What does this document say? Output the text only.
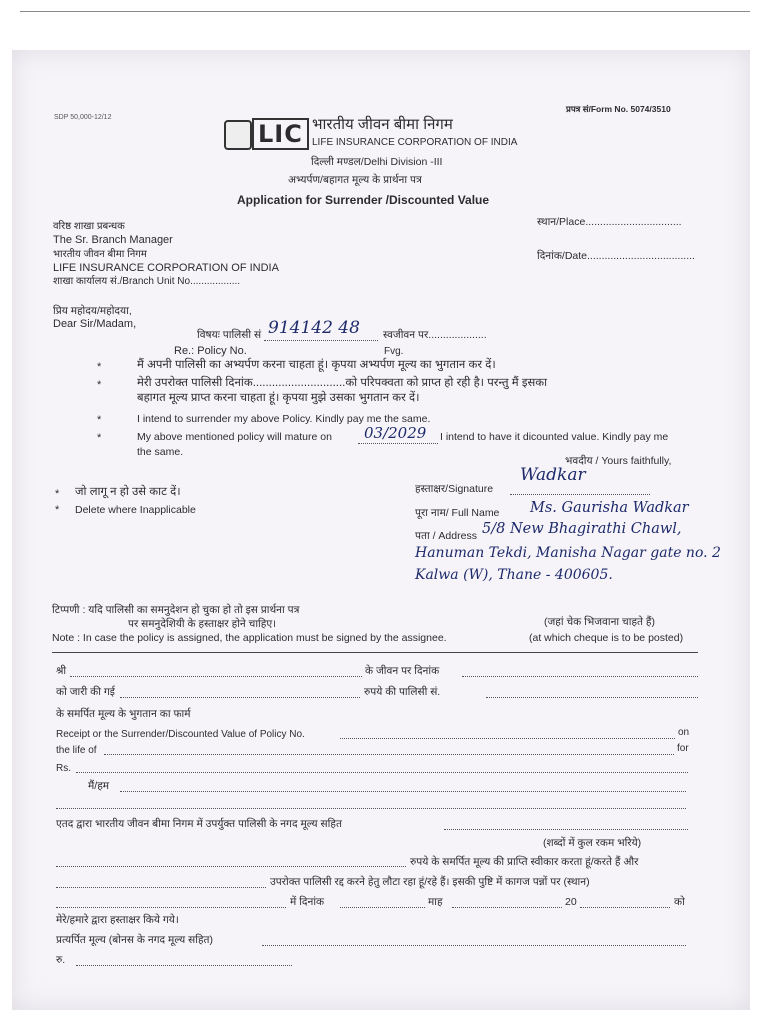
SDP 50,000-12/12
प्रपत्र सं/Form No. 5074/3510
LIC भारतीय जीवन बीमा निगम
LIFE INSURANCE CORPORATION OF INDIA
दिल्ली मण्डल/Delhi Division -III
अभ्यर्पण/बहागत मूल्य के प्रार्थना पत्र
Application for Surrender /Discounted Value
वरिष्ठ शाखा प्रबन्धक
The Sr. Branch Manager
भारतीय जीवन बीमा निगम
LIFE INSURANCE CORPORATION OF INDIA
शाखा कार्यालय सं./Branch Unit No..................
स्थान/Place.................................
दिनांक/Date.....................................
प्रिय महोदय/महोदया,
Dear Sir/Madam,
विषयः पालिसी सं 914142 48 स्वजीवन पर....................
Re.: Policy No.	Fvg.
*	मैं अपनी पालिसी का अभ्यर्पण करना चाहता हूं। कृपया अभ्यर्पण मूल्य का भुगतान कर दें।
*	मेरी उपरोक्त पालिसी दिनांक.............................को परिपक्वता को प्राप्त हो रही है। परन्तु मैं इसका
बहागत मूल्य प्राप्त करना चाहता हूं। कृपया मुझे उसका भुगतान कर दें।
*	I intend to surrender my above Policy. Kindly pay me the same.
*	My above mentioned policy will mature on 03/2029 I intend to have it dicounted value. Kindly pay me
the same.
भवदीय / Yours faithfully,
हस्ताक्षर/Signature
Wadkar
पूरा नाम/ Full Name Ms. Gaurisha Wadkar
पता / Address 5/8 New Bhagirathi Chawl,
Hanuman Tekdi, Manisha Nagar gate no. 2
Kalwa (W), Thane - 400605.
* जो लागू न हो उसे काट दें।
* Delete where Inapplicable
टिप्पणी : यदि पालिसी का समनुदेशन हो चुका हो तो इस प्रार्थना पत्र
पर समनुदेशियी के हस्ताक्षर होने चाहिए।
Note : In case the policy is assigned, the application must be signed by the assignee.
(जहां चेक भिजवाना चाहते हैं)
(at which cheque is to be posted)
श्री	के जीवन पर दिनांक
को जारी की गई	रुपये की पालिसी सं.
के समर्पित मूल्य के भुगतान का फार्म
Receipt or the Surrender/Discounted Value of Policy No.	on
the life of	for
Rs.
मैं/हम
एतद द्वारा भारतीय जीवन बीमा निगम में उपर्युक्त पालिसी के नगद मूल्य सहित
(शब्दों में कुल रकम भरिये)
रुपये के समर्पित मूल्य की प्राप्ति स्वीकार करता हूं/करते हैं और
उपरोक्त पालिसी रद्द करने हेतु लौटा रहा हूं/रहे हैं। इसकी पुष्टि में कागज पन्नों पर (स्थान)
में दिनांक	माह	20	को
मेरे/हमारे द्वारा हस्ताक्षर किये गये।
प्रत्यर्पित मूल्य (बोनस के नगद मूल्य सहित)
रु.
